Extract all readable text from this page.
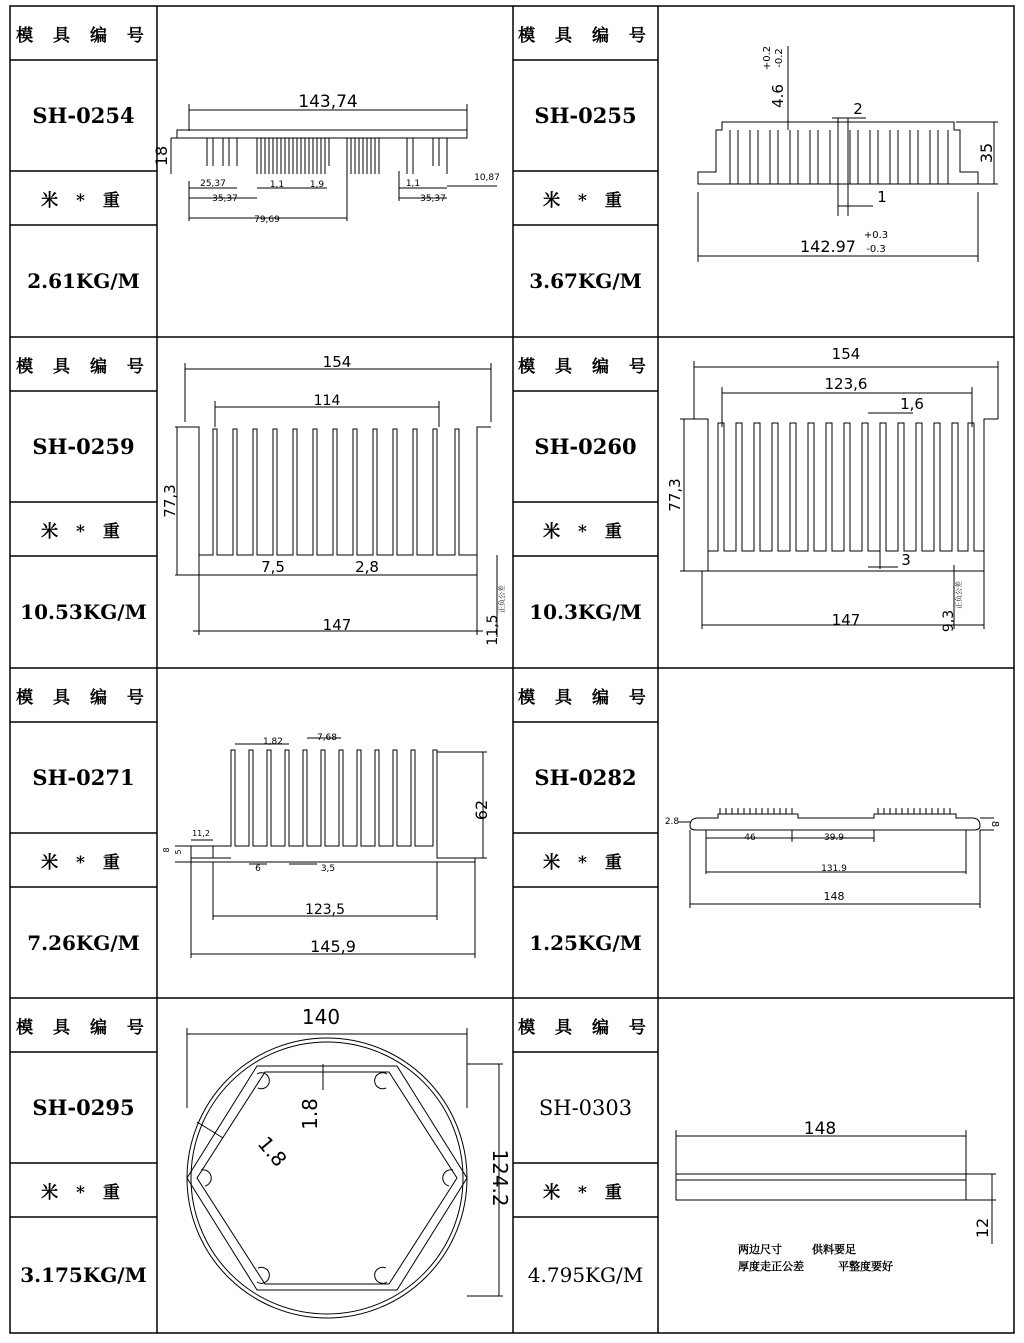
模 具 编 号
SH-0254
米 * 重
2.61KG/M
模 具 编 号
SH-0259
米 * 重
10.53KG/M
模 具 编 号
SH-0271
米 * 重
7.26KG/M
模 具 编 号
SH-0295
米 * 重
3.175KG/M
模 具 编 号
SH-0255
米 * 重
3.67KG/M
模 具 编 号
SH-0260
米 * 重
10.3KG/M
模 具 编 号
SH-0282
米 * 重
1.25KG/M
模 具 编 号
SH-0303
米 * 重
4.795KG/M
143,74
18
25,37
35,37
1,1	1,9
79,69
1,1
10,87
35,37
4.6
+0.2 -0.2
2
35
1
142.97
+0.3
-0.3
154
114
77,3
7,5	2,8
147	11,5
正负公差
154
123,6
1,6
77,3
3
147	9,3
正负公差
1,82	7,68
62
11,2
8 5
6	3,5
123,5
145,9
2.8	8
46	39.9
131.9
148
140
1.8
1.8
124.2
148
12
两边尺寸	供料要足
厚度走正公差	平整度要好
